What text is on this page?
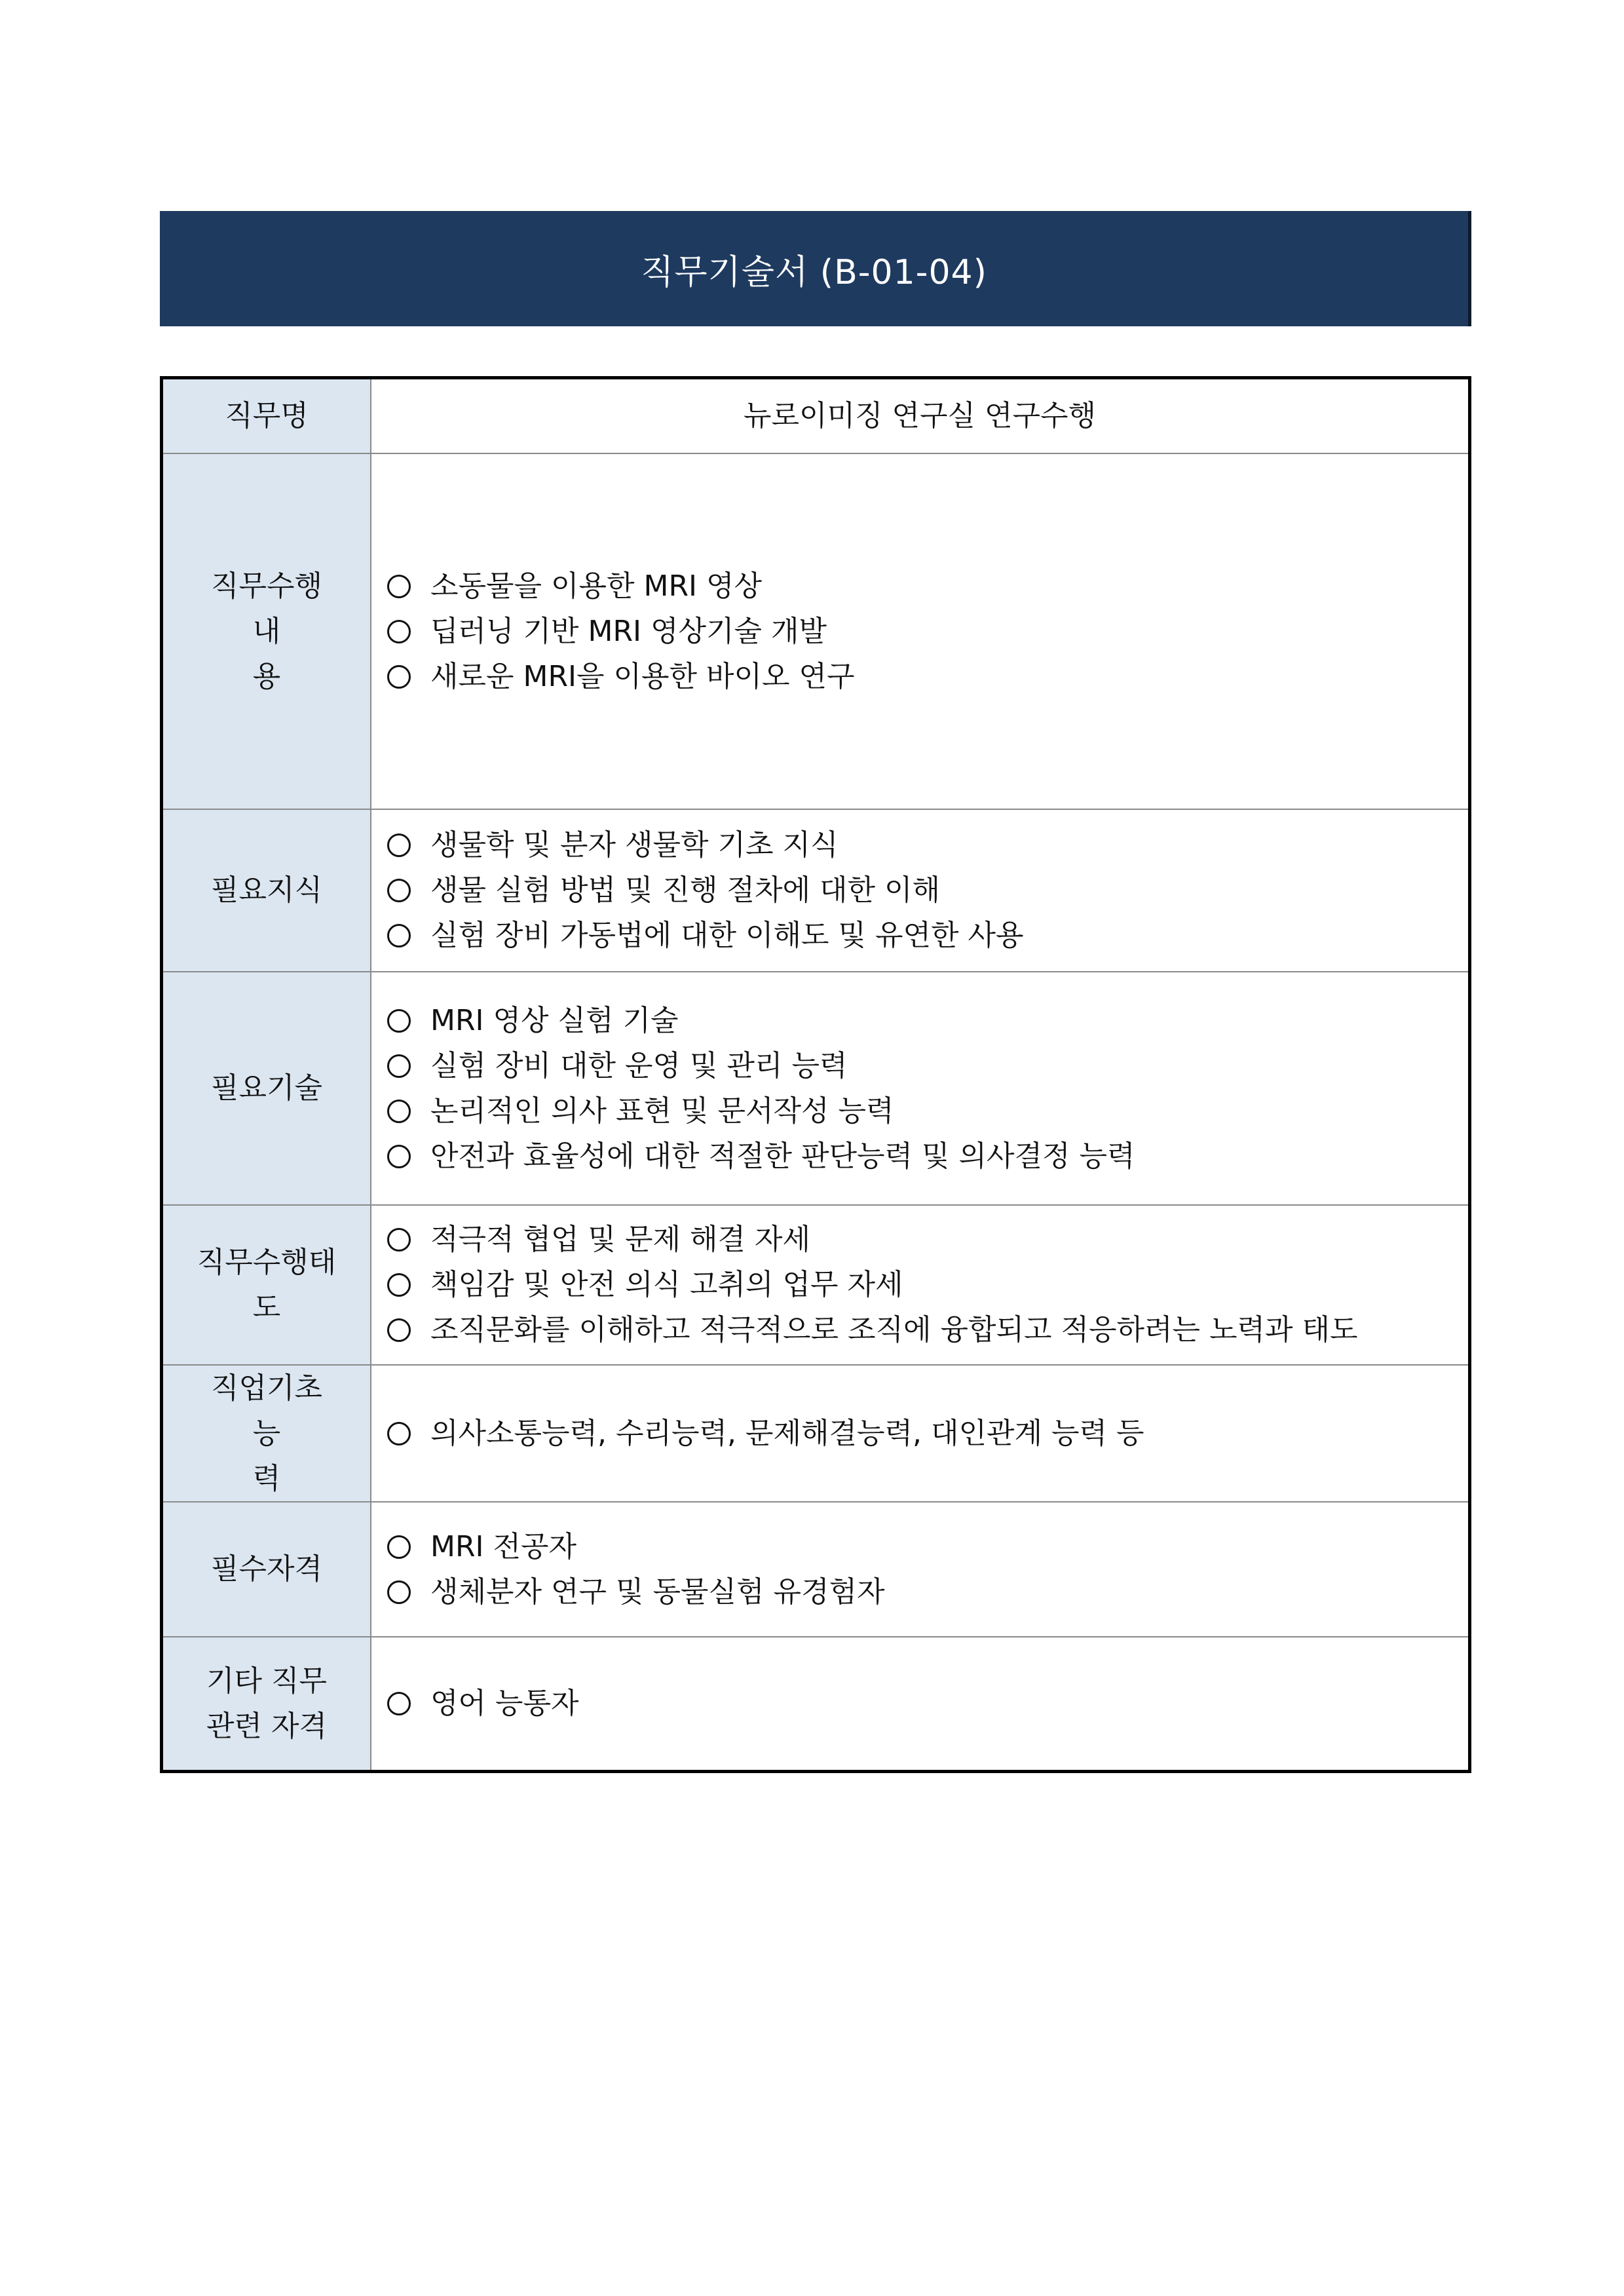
직무기술서 (B-01-04)
직무명	뉴로이미징 연구실 연구수행

직무수행
내 용	소동물을 이용한 MRI 영상
딥러닝 기반 MRI 영상기술 개발
새로운 MRI을 이용한 바이오 연구

필요지식	생물학 및 분자 생물학 기초 지식
생물 실험 방법 및 진행 절차에 대한 이해
실험 장비 가동법에 대한 이해도 및 유연한 사용

필요기술	MRI 영상 실험 기술
실험 장비 대한 운영 및 관리 능력
논리적인 의사 표현 및 문서작성 능력
안전과 효율성에 대한 적절한 판단능력 및 의사결정 능력

직무수행태
도	적극적 협업 및 문제 해결 자세
책임감 및 안전 의식 고취의 업무 자세
조직문화를 이해하고 적극적으로 조직에 융합되고 적응하려는 노력과 태도

직업기초
능 력	의사소통능력, 수리능력, 문제해결능력, 대인관계 능력 등

필수자격	MRI 전공자
생체분자 연구 및 동물실험 유경험자

기타 직무
관련 자격	영어 능통자
